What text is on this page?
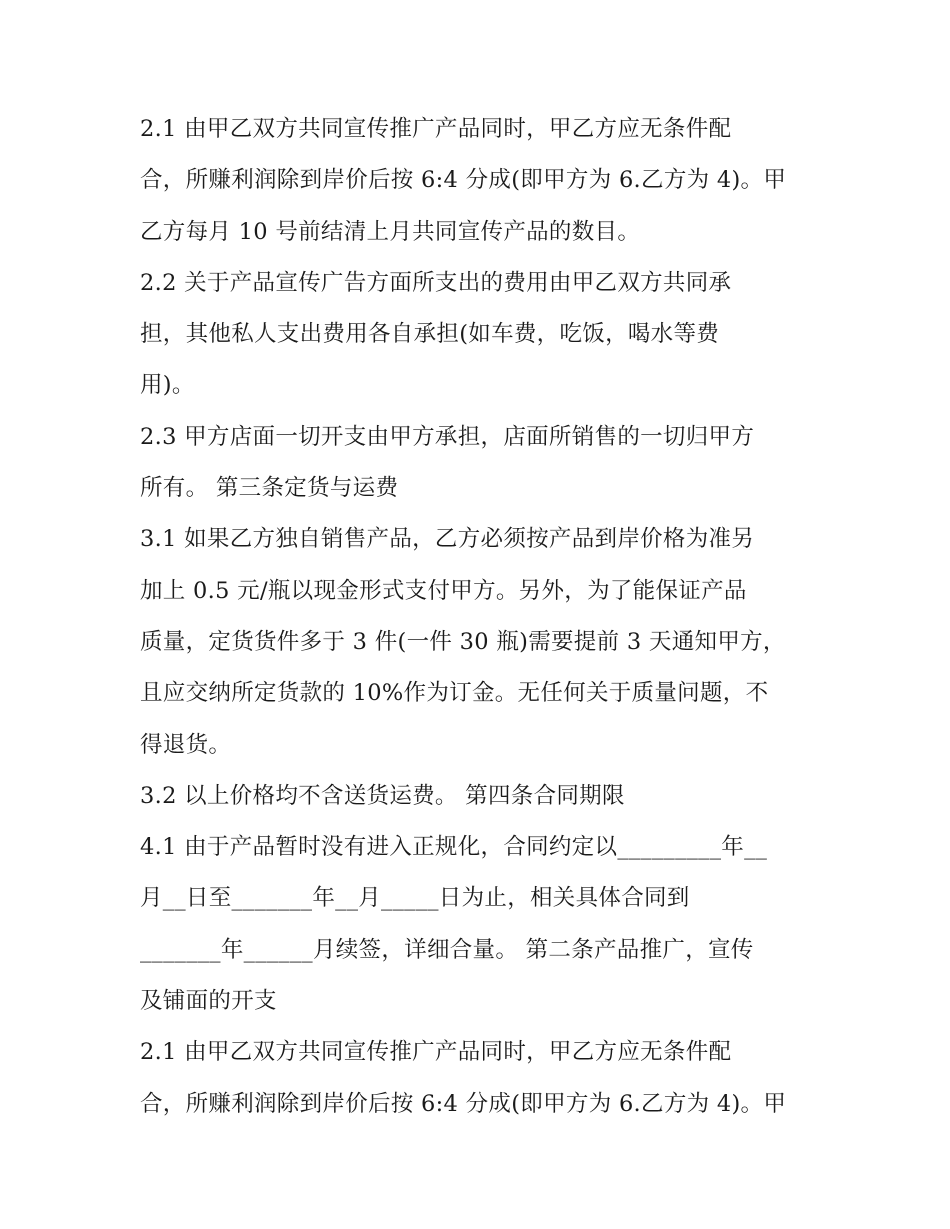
2.1 由甲乙双方共同宣传推广产品同时，甲乙方应无条件配
合，所赚利润除到岸价后按 6:4 分成(即甲方为 6.乙方为 4)。甲
乙方每月 10 号前结清上月共同宣传产品的数目。
2.2 关于产品宣传广告方面所支出的费用由甲乙双方共同承
担，其他私人支出费用各自承担(如车费，吃饭，喝水等费
用)。
2.3 甲方店面一切开支由甲方承担，店面所销售的一切归甲方
所有。 第三条定货与运费
3.1 如果乙方独自销售产品，乙方必须按产品到岸价格为准另
加上 0.5 元/瓶以现金形式支付甲方。另外，为了能保证产品
质量，定货货件多于 3 件(一件 30 瓶)需要提前 3 天通知甲方，
且应交纳所定货款的 10%作为订金。无任何关于质量问题，不
得退货。
3.2 以上价格均不含送货运费。 第四条合同期限
4.1 由于产品暂时没有进入正规化，合同约定以_________年__
月__日至_______年__月_____日为止，相关具体合同到
_______年______月续签，详细合量。 第二条产品推广，宣传
及铺面的开支
2.1 由甲乙双方共同宣传推广产品同时，甲乙方应无条件配
合，所赚利润除到岸价后按 6:4 分成(即甲方为 6.乙方为 4)。甲
